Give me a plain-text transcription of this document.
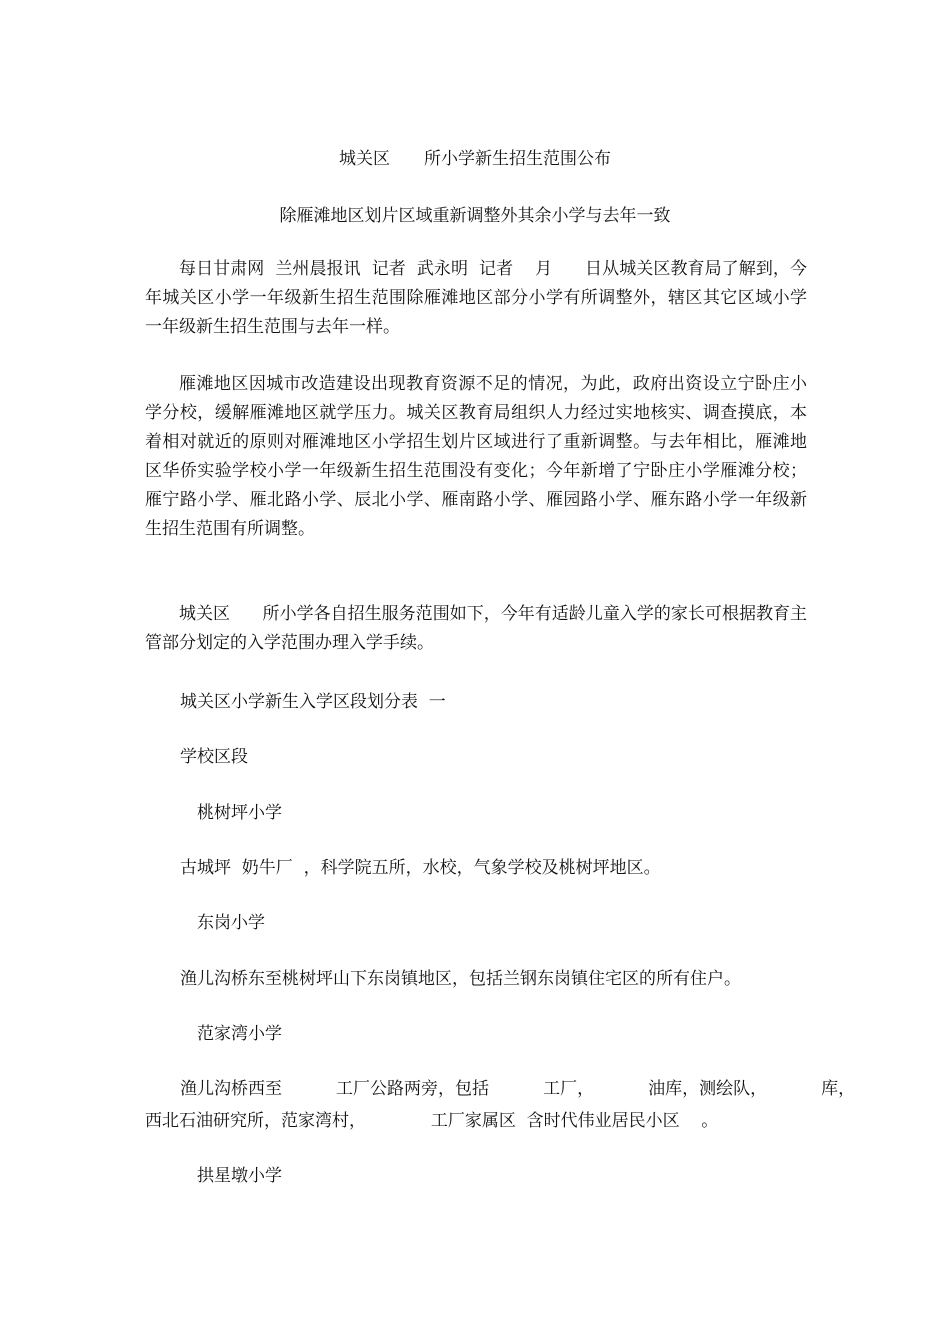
城关区　　所小学新生招生范围公布
除雁滩地区划片区域重新调整外其余小学与去年一致
每日甘肃网  兰州晨报讯  记者  武永明  记者    月      日从城关区教育局了解到，今年城关区小学一年级新生招生范围除雁滩地区部分小学有所调整外，辖区其它区域小学一年级新生招生范围与去年一样。
雁滩地区因城市改造建设出现教育资源不足的情况，为此，政府出资设立宁卧庄小学分校，缓解雁滩地区就学压力。城关区教育局组织人力经过实地核实、调查摸底，本着相对就近的原则对雁滩地区小学招生划片区域进行了重新调整。与去年相比，雁滩地区华侨实验学校小学一年级新生招生范围没有变化；今年新增了宁卧庄小学雁滩分校；雁宁路小学、雁北路小学、辰北小学、雁南路小学、雁园路小学、雁东路小学一年级新生招生范围有所调整。
城关区      所小学各自招生服务范围如下，今年有适龄儿童入学的家长可根据教育主管部分划定的入学范围办理入学手续。
城关区小学新生入学区段划分表  一
学校区段
桃树坪小学
古城坪  奶牛厂  ，科学院五所，水校，气象学校及桃树坪地区。
东岗小学
渔儿沟桥东至桃树坪山下东岗镇地区，包括兰钢东岗镇住宅区的所有住户。
范家湾小学
渔儿沟桥西至          工厂公路两旁，包括          工厂，          油库，测绘队，          库，
西北石油研究所，范家湾村，            工厂家属区  含时代伟业居民小区    。
拱星墩小学
